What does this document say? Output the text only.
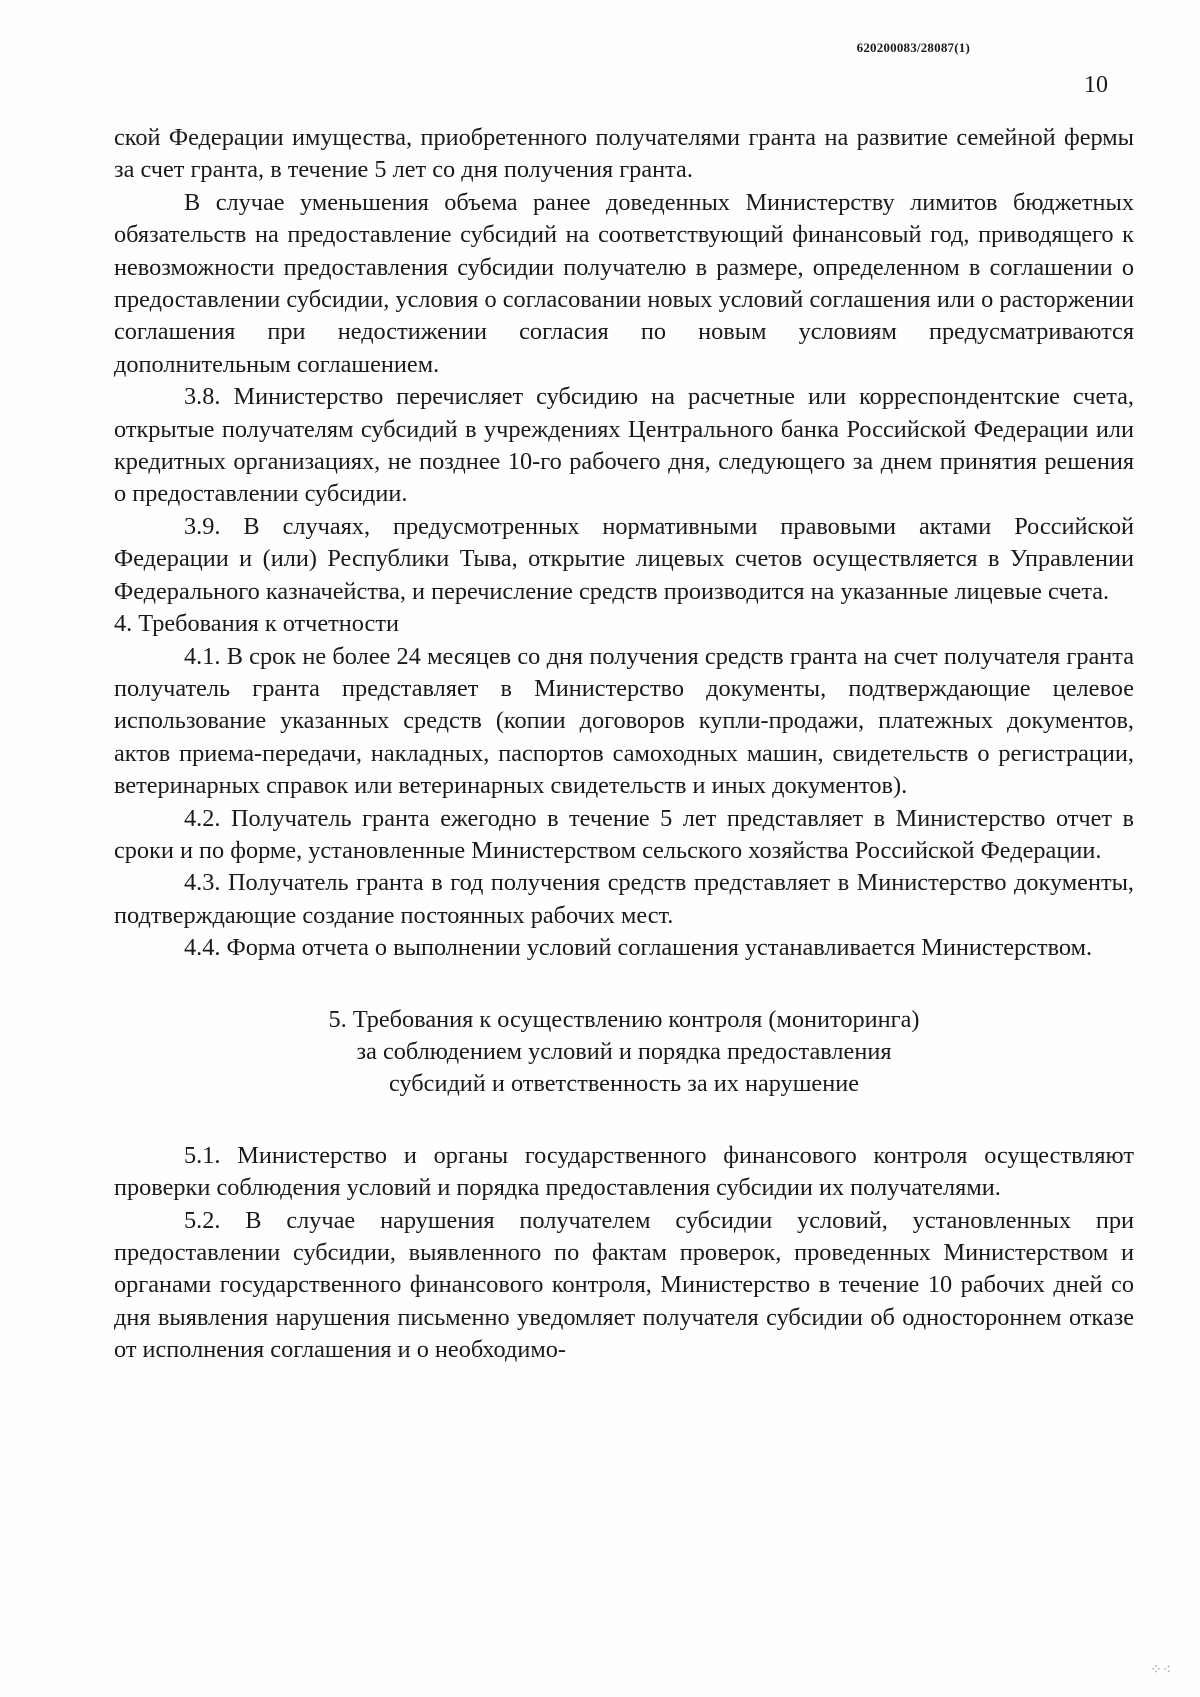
620200083/28087(1)
10

ской Федерации имущества, приобретенного получателями гранта на развитие семейной фермы за счет гранта, в течение 5 лет со дня получения гранта.

В случае уменьшения объема ранее доведенных Министерству лимитов бюджетных обязательств на предоставление субсидий на соответствующий финансовый год, приводящего к невозможности предоставления субсидии получателю в размере, определенном в соглашении о предоставлении субсидии, условия о согласовании новых условий соглашения или о расторжении соглашения при недостижении согласия по новым условиям предусматриваются дополнительным соглашением.

3.8. Министерство перечисляет субсидию на расчетные или корреспондентские счета, открытые получателям субсидий в учреждениях Центрального банка Российской Федерации или кредитных организациях, не позднее 10-го рабочего дня, следующего за днем принятия решения о предоставлении субсидии.

3.9. В случаях, предусмотренных нормативными правовыми актами Российской Федерации и (или) Республики Тыва, открытие лицевых счетов осуществляется в Управлении Федерального казначейства, и перечисление средств производится на указанные лицевые счета.

4. Требования к отчетности

4.1. В срок не более 24 месяцев со дня получения средств гранта на счет получателя гранта получатель гранта представляет в Министерство документы, подтверждающие целевое использование указанных средств (копии договоров купли-продажи, платежных документов, актов приема-передачи, накладных, паспортов самоходных машин, свидетельств о регистрации, ветеринарных справок или ветеринарных свидетельств и иных документов).

4.2. Получатель гранта ежегодно в течение 5 лет представляет в Министерство отчет в сроки и по форме, установленные Министерством сельского хозяйства Российской Федерации.

4.3. Получатель гранта в год получения средств представляет в Министерство документы, подтверждающие создание постоянных рабочих мест.

4.4. Форма отчета о выполнении условий соглашения устанавливается Министерством.

5. Требования к осуществлению контроля (мониторинга)
за соблюдением условий и порядка предоставления
субсидий и ответственность за их нарушение

5.1. Министерство и органы государственного финансового контроля осуществляют проверки соблюдения условий и порядка предоставления субсидии их получателями.

5.2. В случае нарушения получателем субсидии условий, установленных при предоставлении субсидии, выявленного по фактам проверок, проведенных Министерством и органами государственного финансового контроля, Министерство в течение 10 рабочих дней со дня выявления нарушения письменно уведомляет получателя субсидии об одностороннем отказе от исполнения соглашения и о необходимо-

⁘⁖
